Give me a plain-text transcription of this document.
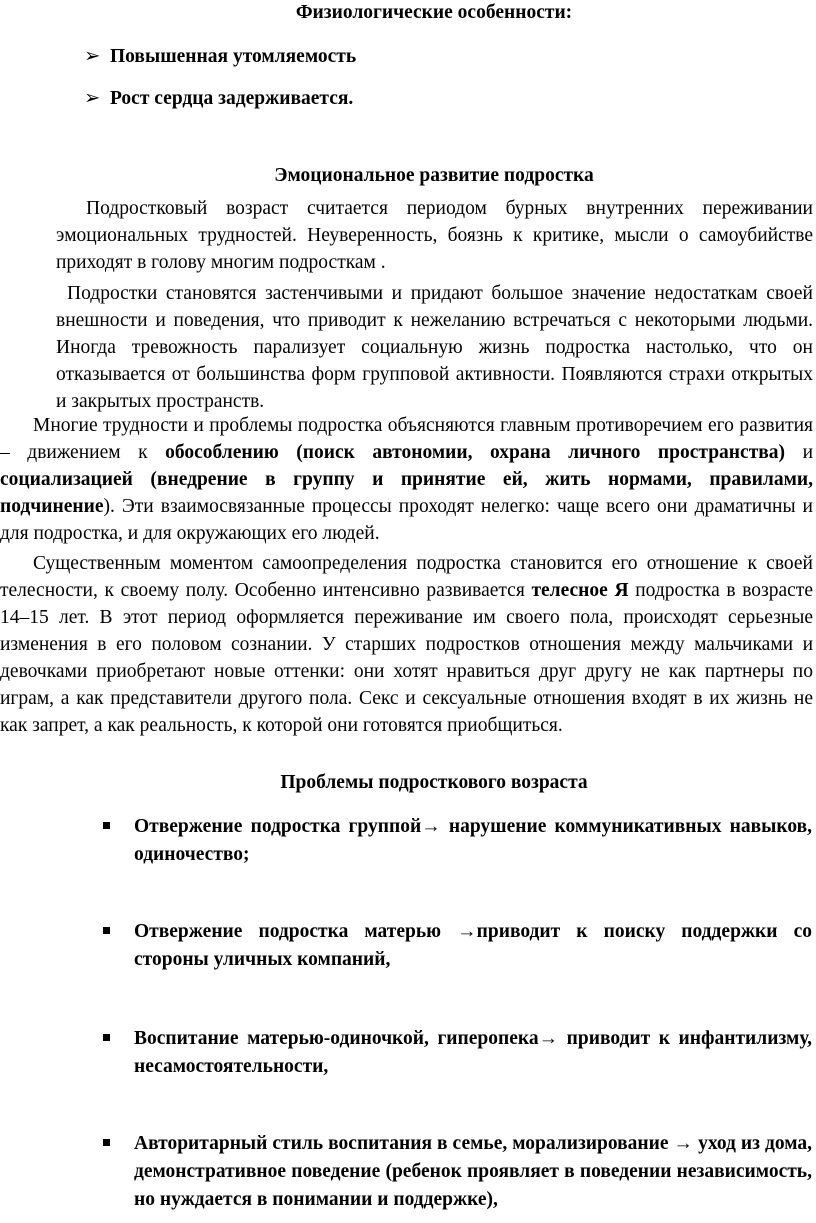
Физиологические особенности:
➢ Повышенная утомляемость
➢ Рост сердца задерживается.
Эмоциональное развитие подростка
Подростковый возраст считается периодом бурных внутренних переживании эмоциональных трудностей. Неуверенность, боязнь к критике, мысли о самоубийстве приходят в голову многим подросткам .
Подростки становятся застенчивыми и придают большое значение недостаткам своей внешности и поведения, что приводит к нежеланию встречаться с некоторыми людьми. Иногда тревожность парализует социальную жизнь подростка настолько, что он отказывается от большинства форм групповой активности. Появляются страхи открытых и закрытых пространств.
Многие трудности и проблемы подростка объясняются главным противоречием его развития – движением к обособлению (поиск автономии, охрана личного пространства) и социализацией (внедрение в группу и принятие ей, жить нормами, правилами, подчинение). Эти взаимосвязанные процессы проходят нелегко: чаще всего они драматичны и для подростка, и для окружающих его людей.
Существенным моментом самоопределения подростка становится его отношение к своей телесности, к своему полу. Особенно интенсивно развивается телесное Я подростка в возрасте 14–15 лет. В этот период оформляется переживание им своего пола, происходят серьезные изменения в его половом сознании. У старших подростков отношения между мальчиками и девочками приобретают новые оттенки: они хотят нравиться друг другу не как партнеры по играм, а как представители другого пола. Секс и сексуальные отношения входят в их жизнь не как запрет, а как реальность, к которой они готовятся приобщиться.
Проблемы подросткового возраста
Отвержение подростка группой→ нарушение коммуникативных навыков, одиночество;
Отвержение подростка матерью →приводит к поиску поддержки со стороны уличных компаний,
Воспитание матерью-одиночкой, гиперопека→ приводит к инфантилизму, несамостоятельности,
Авторитарный стиль воспитания в семье, морализирование → уход из дома, демонстративное поведение (ребенок проявляет в поведении независимость, но нуждается в понимании и поддержке),
